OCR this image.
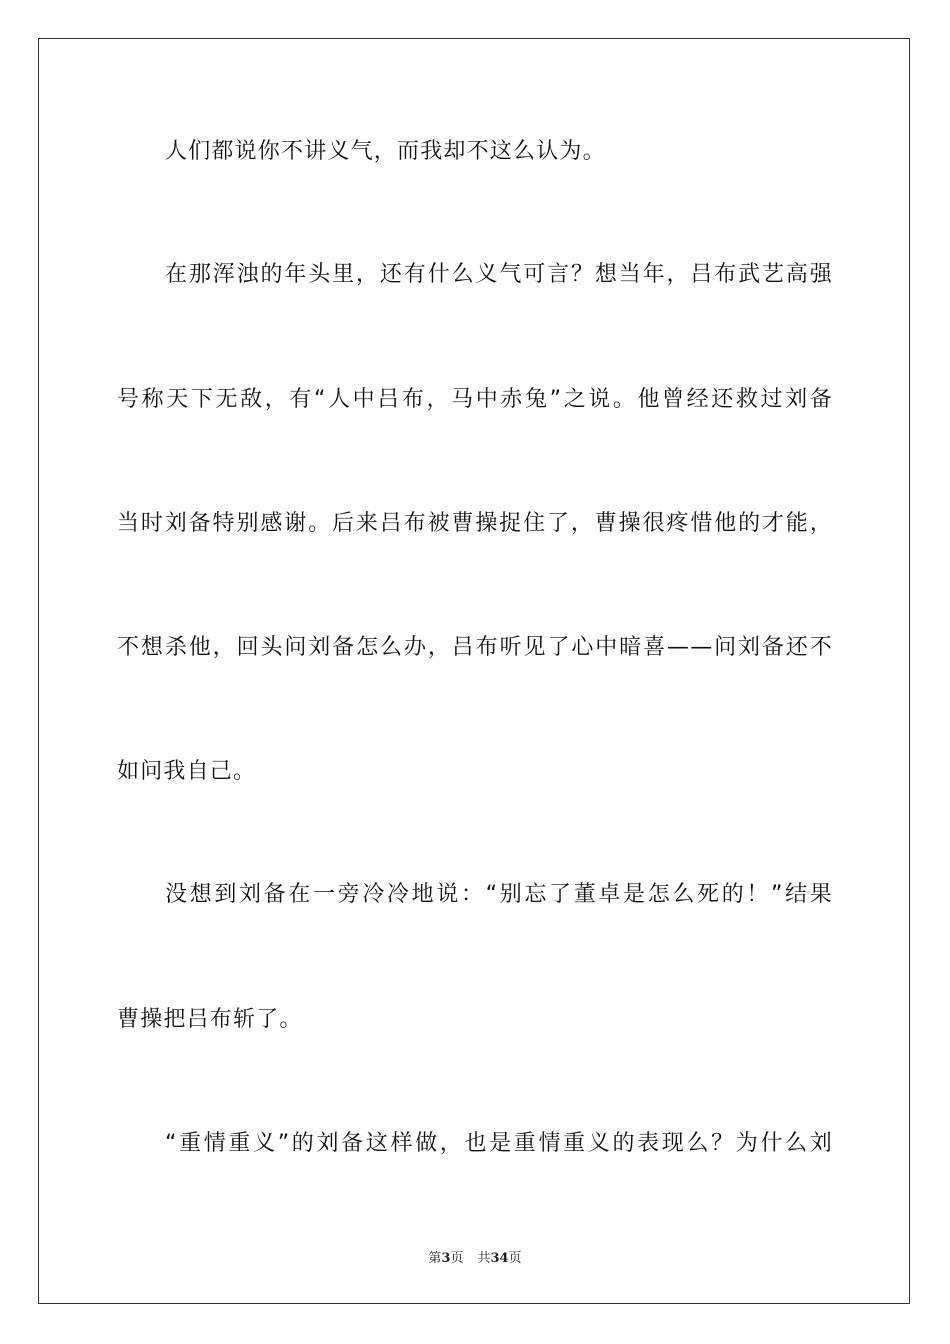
人们都说你不讲义气，而我却不这么认为。
在那浑浊的年头里，还有什么义气可言？想当年，吕布武艺高强
号称天下无敌，有“人中吕布，马中赤兔”之说。他曾经还救过刘备
当时刘备特别感谢。后来吕布被曹操捉住了，曹操很疼惜他的才能，
不想杀他，回头问刘备怎么办，吕布听见了心中暗喜——问刘备还不
如问我自己。
没想到刘备在一旁冷冷地说：“别忘了董卓是怎么死的！”结果
曹操把吕布斩了。
“重情重义”的刘备这样做，也是重情重义的表现么？为什么刘
第3页 共34页
